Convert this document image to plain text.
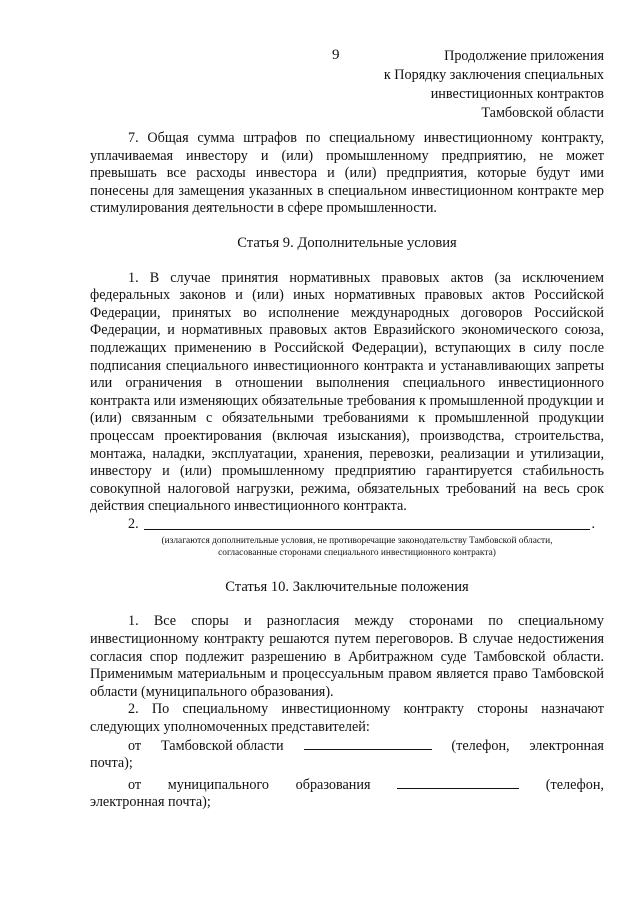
9	Продолжение приложения
к Порядку заключения специальных
инвестиционных контрактов
Тамбовской области

7. Общая сумма штрафов по специальному инвестиционному контракту, уплачиваемая инвестору и (или) промышленному предприятию, не может превышать все расходы инвестора и (или) предприятия, которые будут ими понесены для замещения указанных в специальном инвестиционном контракте мер стимулирования деятельности в сфере промышленности.

Статья 9. Дополнительные условия

1. В случае принятия нормативных правовых актов (за исключением федеральных законов и (или) иных нормативных правовых актов Российской Федерации, принятых во исполнение международных договоров Российской Федерации, и нормативных правовых актов Евразийского экономического союза, подлежащих применению в Российской Федерации), вступающих в силу после подписания специального инвестиционного контракта и устанавливающих запреты или ограничения в отношении выполнения специального инвестиционного контракта или изменяющих обязательные требования к промышленной продукции и (или) связанным с обязательными требованиями к промышленной продукции процессам проектирования (включая изыскания), производства, строительства, монтажа, наладки, эксплуатации, хранения, перевозки, реализации и утилизации, инвестору и (или) промышленному предприятию гарантируется стабильность совокупной налоговой нагрузки, режима, обязательных требований на весь срок действия специального инвестиционного контракта.

2.	.
(излагаются дополнительные условия, не противоречащие законодательству Тамбовской области,
согласованные сторонами специального инвестиционного контракта)
Статья 10. Заключительные положения

1. Все споры и разногласия между сторонами по специальному инвестиционному контракту решаются путем переговоров. В случае недостижения согласия спор подлежит разрешению в Арбитражном суде Тамбовской области. Применимым материальным и процессуальным правом является право Тамбовской области (муниципального образования).

2. По специальному инвестиционному контракту стороны назначают следующих уполномоченных представителей:

от Тамбовской области	(телефон, электронная
почта);
от муниципального образования	(телефон,
электронная почта);
